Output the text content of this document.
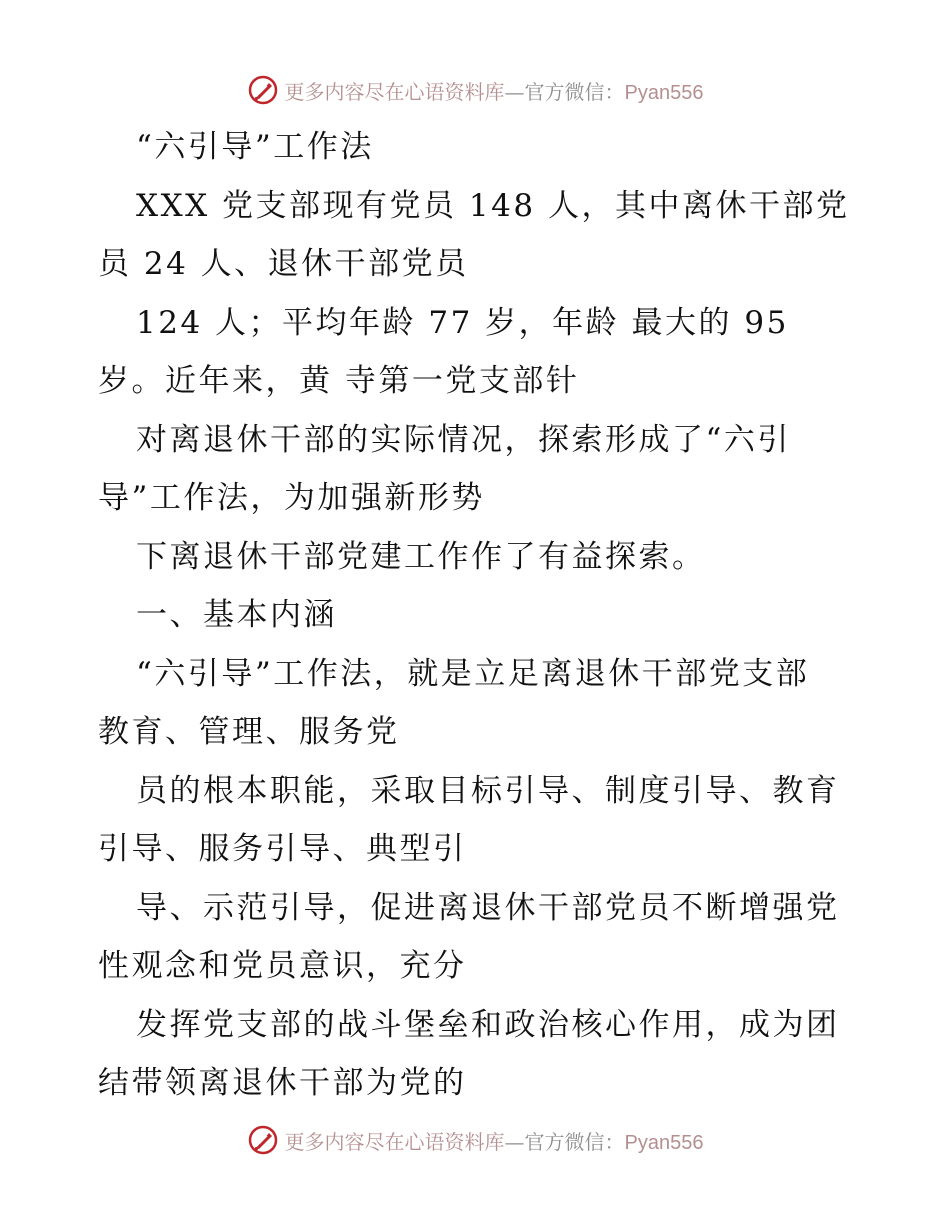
更多内容尽在心语资料库—官方微信：Pyan556
“六引导”工作法
XXX 党支部现有党员 148 人，其中离休干部党
员 24 人、退休干部党员
124 人；平均年龄 77 岁，年龄 最大的 95
岁。近年来，黄 寺第一党支部针
对离退休干部的实际情况，探索形成了“六引
导”工作法，为加强新形势
下离退休干部党建工作作了有益探索。
一、基本内涵
“六引导”工作法，就是立足离退休干部党支部
教育、管理、服务党
员的根本职能，采取目标引导、制度引导、教育
引导、服务引导、典型引
导、示范引导，促进离退休干部党员不断增强党
性观念和党员意识，充分
发挥党支部的战斗堡垒和政治核心作用，成为团
结带领离退休干部为党的
更多内容尽在心语资料库—官方微信：Pyan556
